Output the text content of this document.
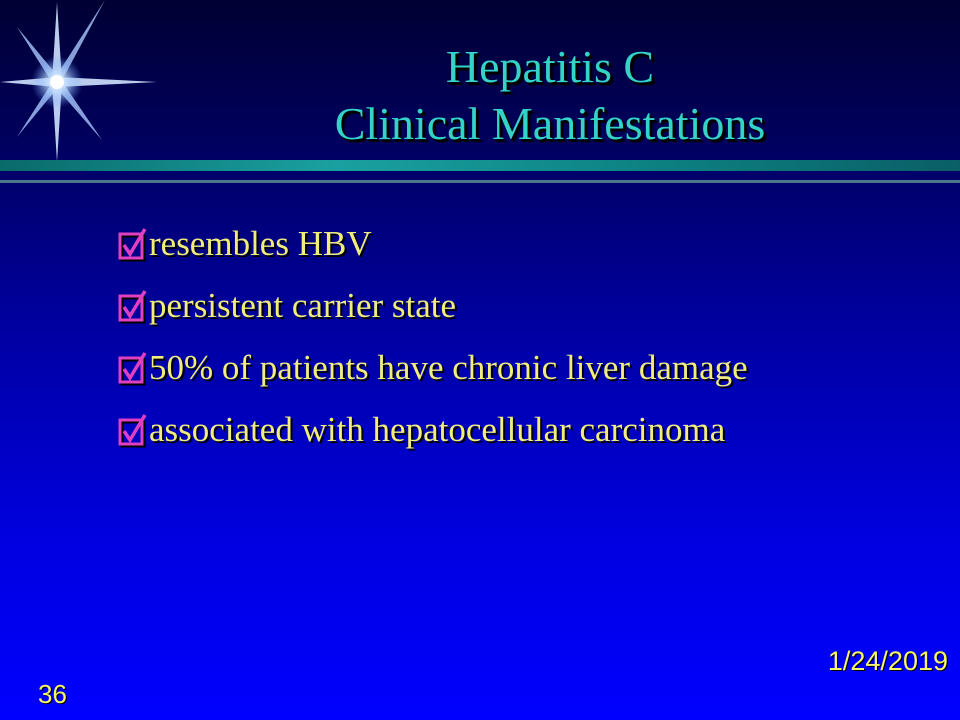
Hepatitis C
Clinical Manifestations
resembles HBV
persistent carrier state
50% of patients have chronic liver damage
associated with hepatocellular carcinoma
1/24/2019
36
